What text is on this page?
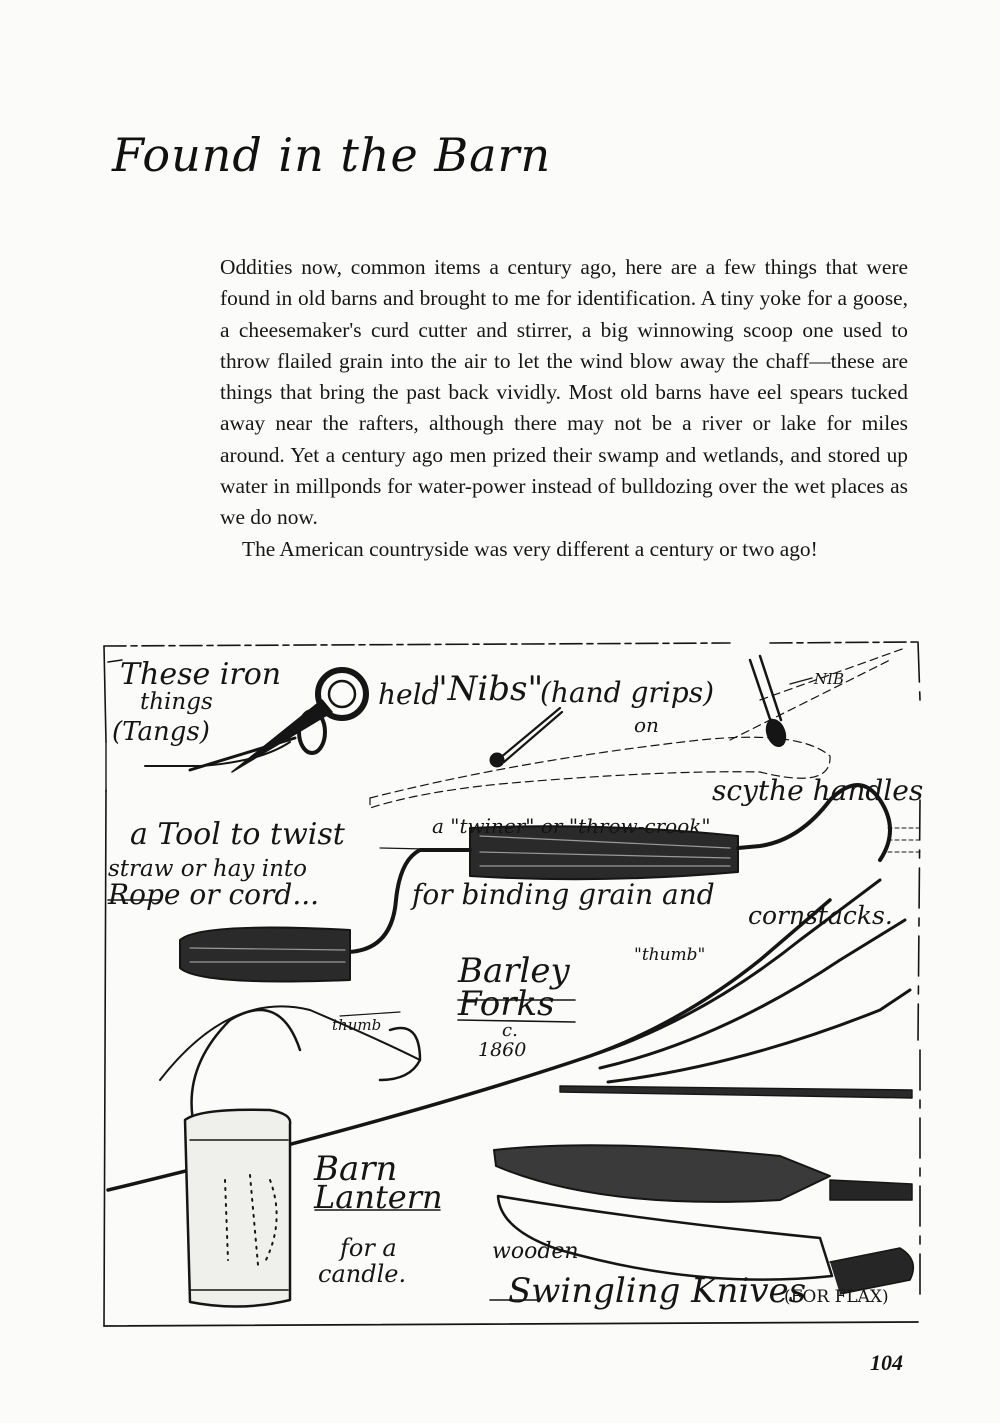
Found in the Barn

Oddities now, common items a century ago, here are a few things that were found in old barns and brought to me for identification. A tiny yoke for a goose, a cheesemaker's curd cutter and stirrer, a big winnowing scoop one used to throw flailed grain into the air to let the wind blow away the chaff—these are things that bring the past back vividly. Most old barns have eel spears tucked away near the rafters, although there may not be a river or lake for miles around. Yet a century ago men prized their swamp and wetlands, and stored up water in millponds for water-power instead of bulldozing over the wet places as we do now.

The American countryside was very different a century or two ago!

These iron
things
(Tangs)
held
"Nibs"
(hand grips)
on
scythe handles
NIB
a "twiner" or "throw-crook"
a Tool to twist
straw or hay into
Rope or cord...	for binding grain and
cornstacks.
Barley
Forks
c.
1860
"thumb"
thumb
Barn
Lantern
for a
candle.
wooden
Swingling Knives
(FOR FLAX)
104
